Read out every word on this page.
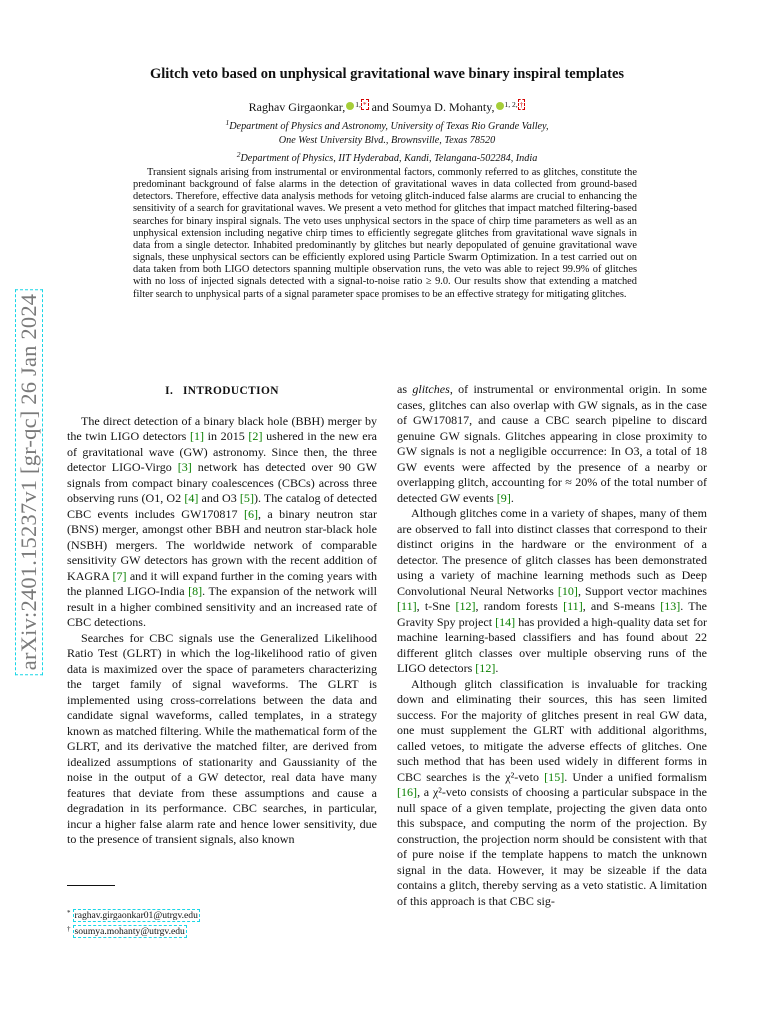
arXiv:2401.15237v1 [gr-qc] 26 Jan 2024
Glitch veto based on unphysical gravitational wave binary inspiral templates
Raghav Girgaonkar, $^{1,}$ * and Soumya D. Mohanty, $^{1, 2,}$ †
$^1$Department of Physics and Astronomy, University of Texas Rio Grande Valley,
One West University Blvd., Brownsville, Texas 78520
$^2$Department of Physics, IIT Hyderabad, Kandi, Telangana-502284, India

Transient signals arising from instrumental or environmental factors, commonly referred to as glitches, constitute the predominant background of false alarms in the detection of gravitational waves in data collected from ground-based detectors. Therefore, effective data analysis methods for vetoing glitch-induced false alarms are crucial to enhancing the sensitivity of a search for gravitational waves. We present a veto method for glitches that impact matched filtering-based searches for binary inspiral signals. The veto uses unphysical sectors in the space of chirp time parameters as well as an unphysical extension including negative chirp times to efficiently segregate glitches from gravitational wave signals in data from a single detector. Inhabited predominantly by glitches but nearly depopulated of genuine gravitational wave signals, these unphysical sectors can be efficiently explored using Particle Swarm Optimization. In a test carried out on data taken from both LIGO detectors spanning multiple observation runs, the veto was able to reject 99.9% of glitches with no loss of injected signals detected with a signal-to-noise ratio ≥ 9.0. Our results show that extending a matched filter search to unphysical parts of a signal parameter space promises to be an effective strategy for mitigating glitches.

I. INTRODUCTION

The direct detection of a binary black hole (BBH) merger by the twin LIGO detectors [1] in 2015 [2] ushered in the new era of gravitational wave (GW) astronomy. Since then, the three detector LIGO-Virgo [3] network has detected over 90 GW signals from compact binary coalescences (CBCs) across three observing runs (O1, O2 [4] and O3 [5]). The catalog of detected CBC events includes GW170817 [6], a binary neutron star (BNS) merger, amongst other BBH and neutron star-black hole (NSBH) mergers. The worldwide network of comparable sensitivity GW detectors has grown with the recent addition of KAGRA [7] and it will expand further in the coming years with the planned LIGO-India [8]. The expansion of the network will result in a higher combined sensitivity and an increased rate of CBC detections.

Searches for CBC signals use the Generalized Likelihood Ratio Test (GLRT) in which the log-likelihood ratio of given data is maximized over the space of parameters characterizing the target family of signal waveforms. The GLRT is implemented using cross-correlations between the data and candidate signal waveforms, called templates, in a strategy known as matched filtering. While the mathematical form of the GLRT, and its derivative the matched filter, are derived from idealized assumptions of stationarity and Gaussianity of the noise in the output of a GW detector, real data have many features that deviate from these assumptions and cause a degradation in its performance. CBC searches, in particular, incur a higher false alarm rate and hence lower sensitivity, due to the presence of transient signals, also known

as glitches, of instrumental or environmental origin. In some cases, glitches can also overlap with GW signals, as in the case of GW170817, and cause a CBC search pipeline to discard genuine GW signals. Glitches appearing in close proximity to GW signals is not a negligible occurrence: In O3, a total of 18 GW events were affected by the presence of a nearby or overlapping glitch, accounting for ≈ 20% of the total number of detected GW events [9].

Although glitches come in a variety of shapes, many of them are observed to fall into distinct classes that correspond to their distinct origins in the hardware or the environment of a detector. The presence of glitch classes has been demonstrated using a variety of machine learning methods such as Deep Convolutional Neural Networks [10], Support vector machines [11], t-Sne [12], random forests [11], and S-means [13]. The Gravity Spy project [14] has provided a high-quality data set for machine learning-based classifiers and has found about 22 different glitch classes over multiple observing runs of the LIGO detectors [12].

Although glitch classification is invaluable for tracking down and eliminating their sources, this has seen limited success. For the majority of glitches present in real GW data, one must supplement the GLRT with additional algorithms, called vetoes, to mitigate the adverse effects of glitches. One such method that has been used widely in different forms in CBC searches is the χ²-veto [15]. Under a unified formalism [16], a χ²-veto consists of choosing a particular subspace in the null space of a given template, projecting the given data onto this subspace, and computing the norm of the projection. By construction, the projection norm should be consistent with that of pure noise if the template happens to match the unknown signal in the data. However, it may be sizeable if the data contains a glitch, thereby serving as a veto statistic. A limitation of this approach is that CBC sig-

* raghav.girgaonkar01@utrgv.edu
† soumya.mohanty@utrgv.edu
